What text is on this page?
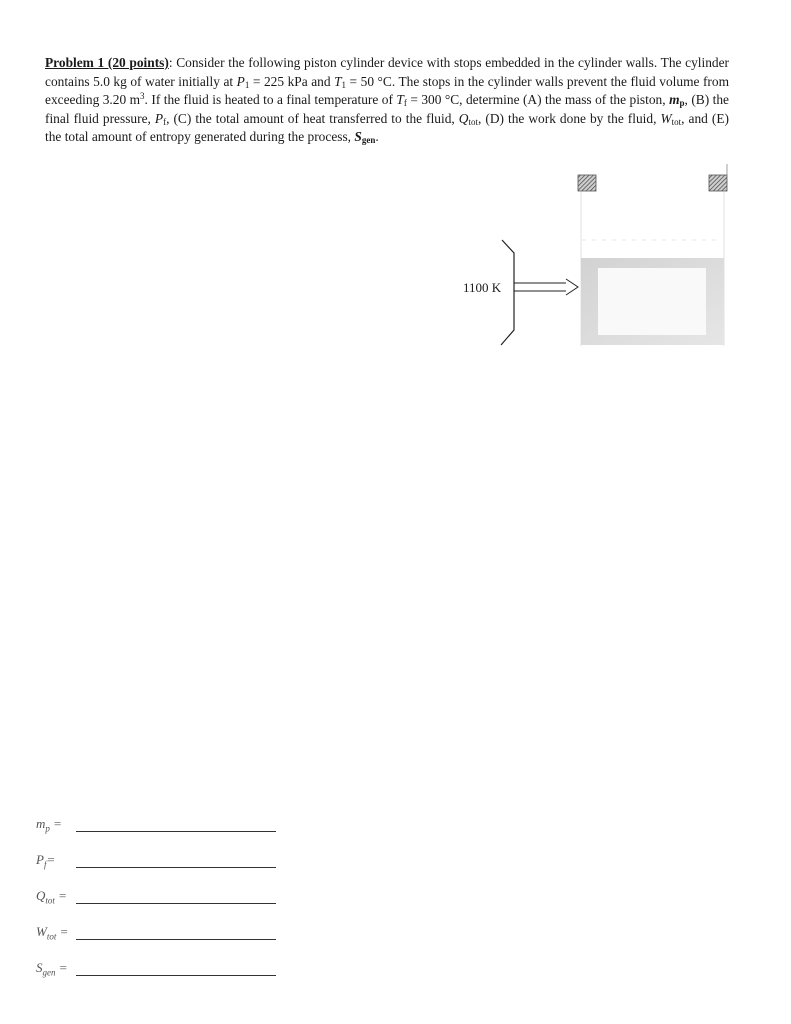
Problem 1 (20 points): Consider the following piston cylinder device with stops embedded in the cylinder walls. The cylinder contains 5.0 kg of water initially at $P_1 = 225$ kPa and $T_1 = 50$ °C. The stops in the cylinder walls prevent the fluid volume from exceeding 3.20 $m^3$. If the fluid is heated to a final temperature of $T_f = 300$ °C, determine (A) the mass of the piston, $m_p$, (B) the final fluid pressure, $P_f$, (C) the total amount of heat transferred to the fluid, $Q_{tot}$, (D) the work done by the fluid, $W_{tot}$, and (E) the total amount of entropy generated during the process, $S_{gen}$.
1100 K
$m_p$ =
$P_f=$
$Q_{tot}$ =
$W_{tot}$ =
$S_{gen}$ =
